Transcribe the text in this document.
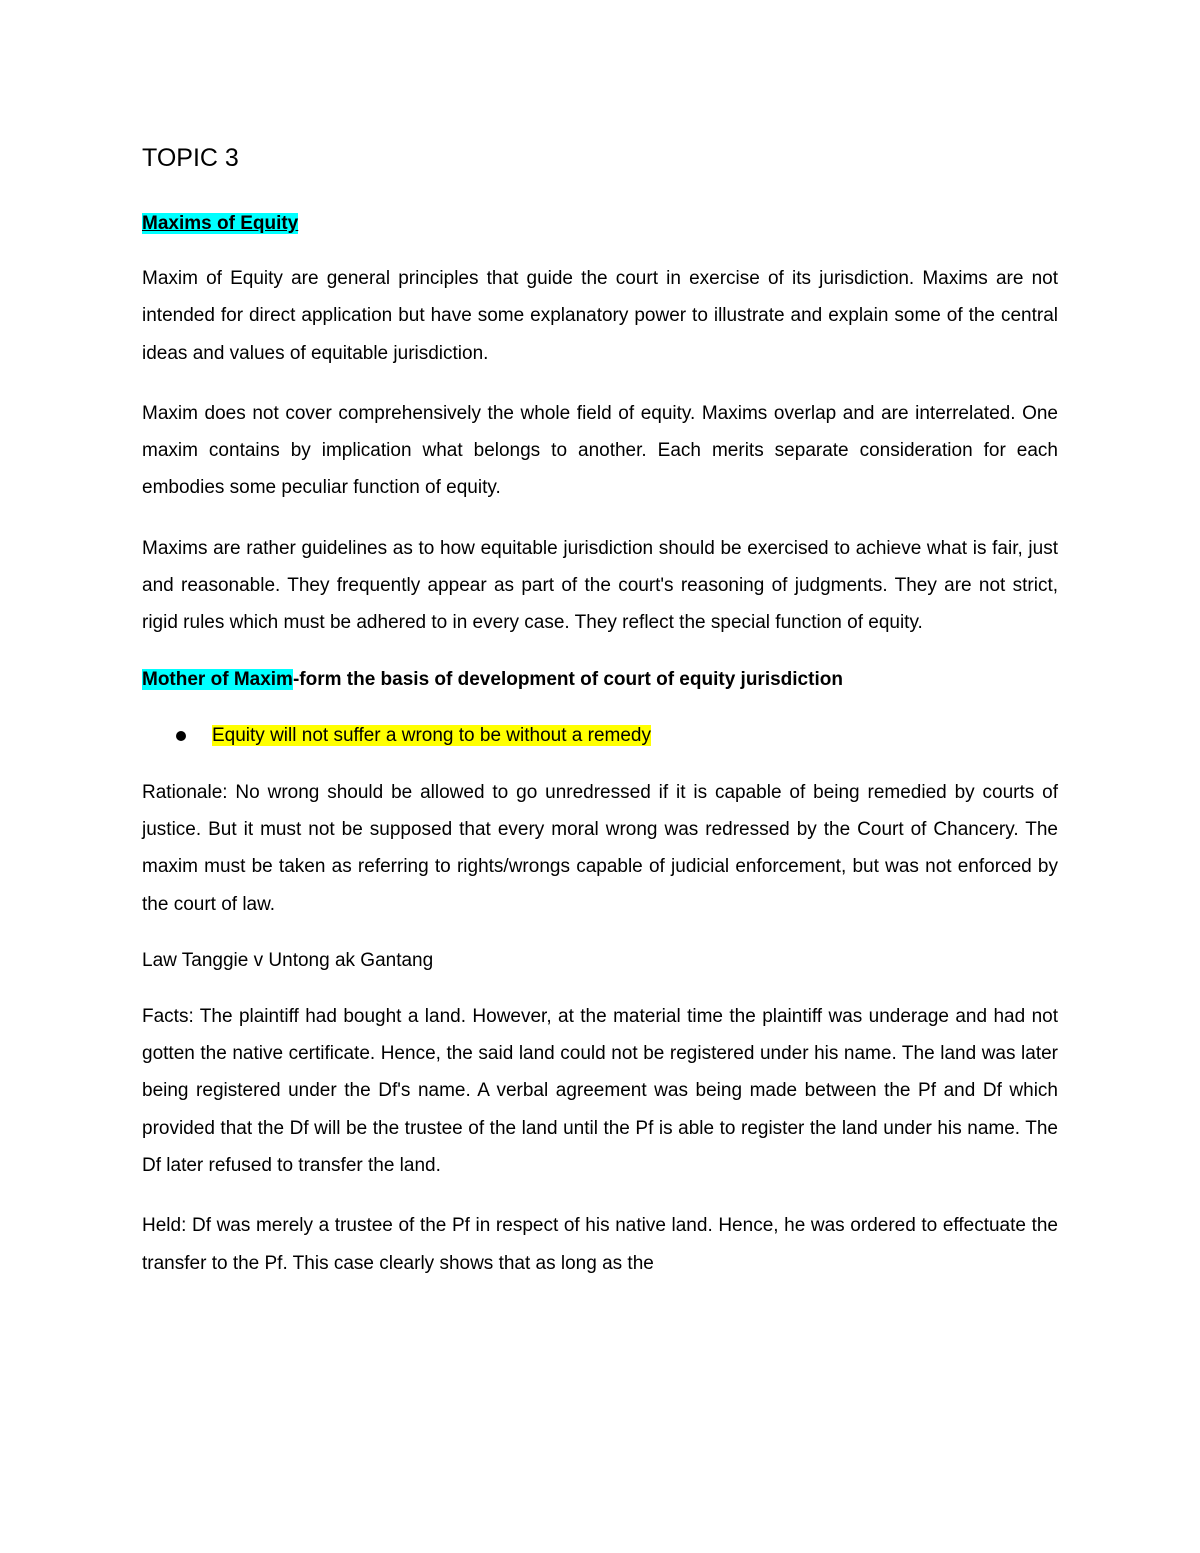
TOPIC 3
Maxims of Equity

Maxim of Equity are general principles that guide the court in exercise of its jurisdiction. Maxims are not intended for direct application but have some explanatory power to illustrate and explain some of the central ideas and values of equitable jurisdiction.

Maxim does not cover comprehensively the whole field of equity. Maxims overlap and are interrelated. One maxim contains by implication what belongs to another. Each merits separate consideration for each embodies some peculiar function of equity.

Maxims are rather guidelines as to how equitable jurisdiction should be exercised to achieve what is fair, just and reasonable. They frequently appear as part of the court's reasoning of judgments. They are not strict, rigid rules which must be adhered to in every case. They reflect the special function of equity.

Mother of Maxim-form the basis of development of court of equity jurisdiction
Equity will not suffer a wrong to be without a remedy

Rationale: No wrong should be allowed to go unredressed if it is capable of being remedied by courts of justice. But it must not be supposed that every moral wrong was redressed by the Court of Chancery. The maxim must be taken as referring to rights/wrongs capable of judicial enforcement, but was not enforced by the court of law.

Law Tanggie v Untong ak Gantang

Facts: The plaintiff had bought a land. However, at the material time the plaintiff was underage and had not gotten the native certificate. Hence, the said land could not be registered under his name. The land was later being registered under the Df's name. A verbal agreement was being made between the Pf and Df which provided that the Df will be the trustee of the land until the Pf is able to register the land under his name. The Df later refused to transfer the land.

Held: Df was merely a trustee of the Pf in respect of his native land. Hence, he was ordered to effectuate the transfer to the Pf. This case clearly shows that as long as the
